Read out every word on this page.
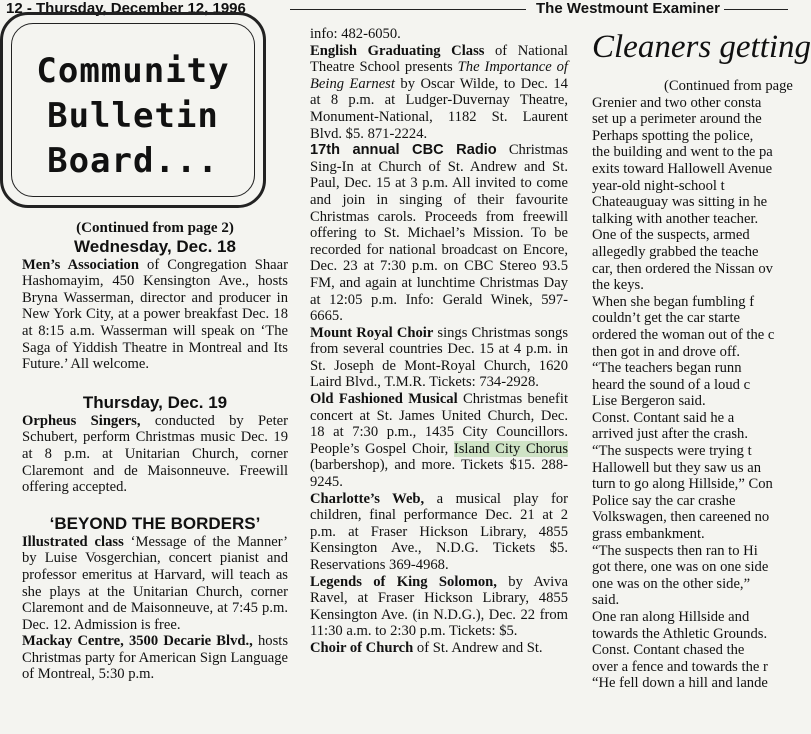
12 - Thursday, December 12, 1996	The Westmount Examiner
Community
Bulletin
Board...

(Continued from page 2)

Wednesday, Dec. 18

Men’s Association of Congregation Shaar Hashomayim, 450 Kensington Ave., hosts Bryna Wasserman, director and producer in New York City, at a power breakfast Dec. 18 at 8:15 a.m. Wasserman will speak on ‘The Saga of Yiddish Theatre in Montreal and Its Future.’ All welcome.

Thursday, Dec. 19

Orpheus Singers, conducted by Peter Schubert, perform Christmas music Dec. 19 at 8 p.m. at Unitarian Church, corner Claremont and de Maisonneuve. Freewill offering accepted.

‘BEYOND THE BORDERS’

Illustrated class ‘Message of the Manner’ by Luise Vosgerchian, concert pianist and professor emeritus at Harvard, will teach as she plays at the Unitarian Church, corner Claremont and de Maisonneuve, at 7:45 p.m. Dec. 12. Admission is free.

Mackay Centre, 3500 Decarie Blvd., hosts Christmas party for American Sign Language of Montreal, 5:30 p.m.

info: 482-6050.

English Graduating Class of National Theatre School presents The Importance of Being Earnest by Oscar Wilde, to Dec. 14 at 8 p.m. at Ludger-Duvernay Theatre, Monument-National, 1182 St. Laurent Blvd. $5. 871-2224.

17th annual CBC Radio Christmas Sing-In at Church of St. Andrew and St. Paul, Dec. 15 at 3 p.m. All invited to come and join in singing of their favourite Christmas carols. Proceeds from freewill offering to St. Michael’s Mission. To be recorded for national broadcast on Encore, Dec. 23 at 7:30 p.m. on CBC Stereo 93.5 FM, and again at lunchtime Christmas Day at 12:05 p.m. Info: Gerald Winek, 597-6665.

Mount Royal Choir sings Christmas songs from several countries Dec. 15 at 4 p.m. in St. Joseph de Mont-Royal Church, 1620 Laird Blvd., T.M.R. Tickets: 734-2928.

Old Fashioned Musical Christmas benefit concert at St. James United Church, Dec. 18 at 7:30 p.m., 1435 City Councillors. People’s Gospel Choir, Island City Chorus (barbershop), and more. Tickets $15. 288-9245.

Charlotte’s Web, a musical play for children, final performance Dec. 21 at 2 p.m. at Fraser Hickson Library, 4855 Kensington Ave., N.D.G. Tickets $5. Reservations 369-4968.

Legends of King Solomon, by Aviva Ravel, at Fraser Hickson Library, 4855 Kensington Ave. (in N.D.G.), Dec. 22 from 11:30 a.m. to 2:30 p.m. Tickets: $5.

Choir of Church of St. Andrew and St.

Cleaners getting

(Continued from page

Grenier and two other consta

set up a perimeter around the

Perhaps spotting the police,

the building and went to the pa

exits toward Hallowell Avenue

year-old night-school t

Chateauguay was sitting in he

talking with another teacher.

One of the suspects, armed

allegedly grabbed the teache

car, then ordered the Nissan ov

the keys.

When she began fumbling f

couldn’t get the car starte

ordered the woman out of the c

then got in and drove off.

“The teachers began runn

heard the sound of a loud c

Lise Bergeron said.

Const. Contant said he a

arrived just after the crash.

“The suspects were trying t

Hallowell but they saw us an

turn to go along Hillside,” Con

Police say the car crashe

Volkswagen, then careened no

grass embankment.

“The suspects then ran to Hi

got there, one was on one side

one was on the other side,”

said.

One ran along Hillside and

towards the Athletic Grounds.

Const. Contant chased the

over a fence and towards the r

“He fell down a hill and lande
